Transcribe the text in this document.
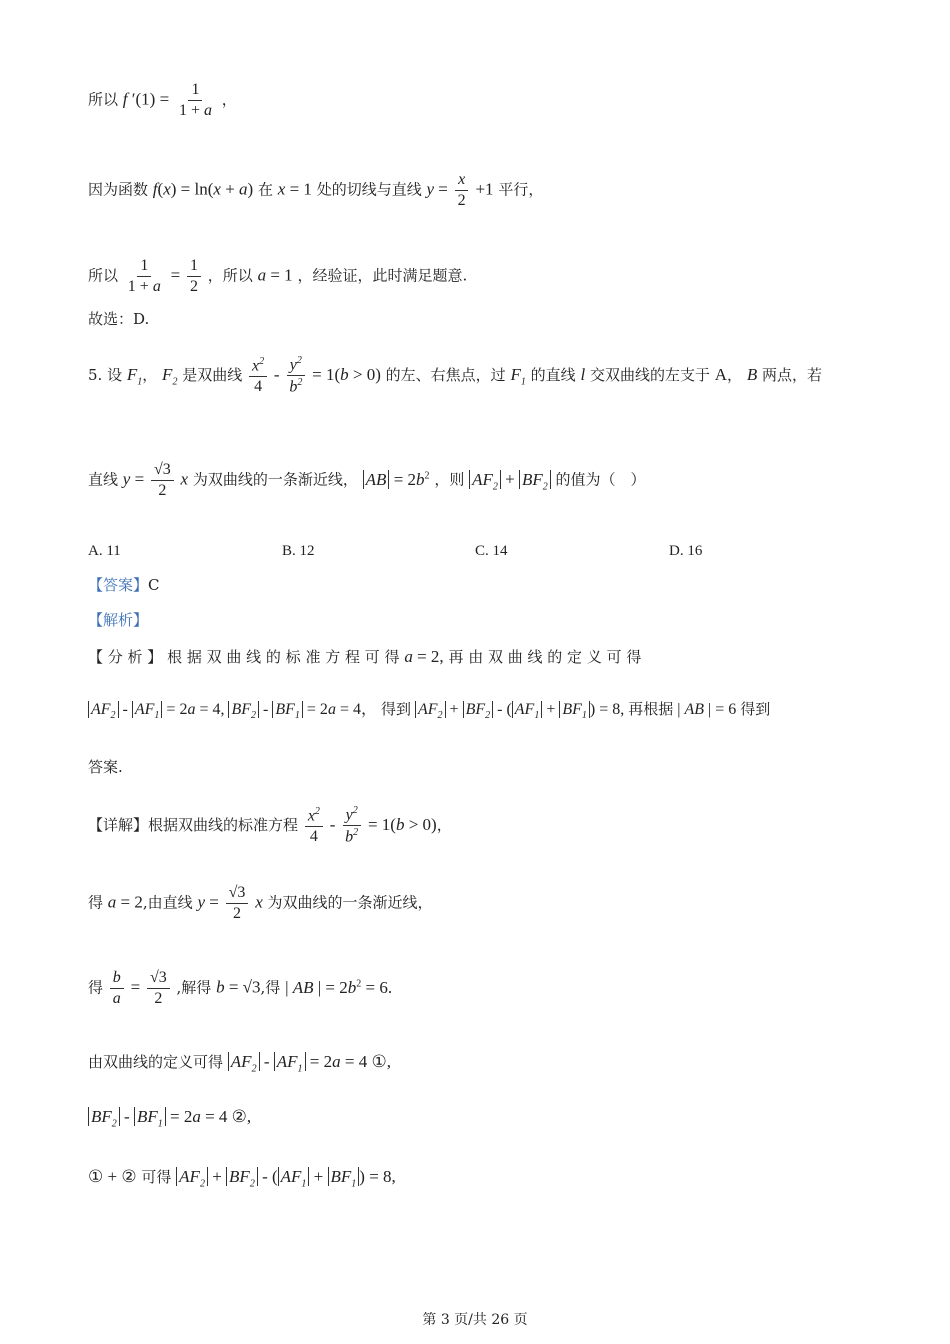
所以 f $'(1) = \frac{1}{1 + a}$ ，
因为函数 f(x) = ln(x + a) 在 x = 1 处的切线与直线 $y = \frac{x}{2} +1$ 平行，
所以 $\frac{1}{1 + a} = \frac{1}{2}$ ，所以 a = 1 ，经验证，此时满足题意.
故选：D.
5. 设 $F_1$， $F_2$ 是双曲线 $\frac{x^2}{4} - \frac{y^2}{b^2} = 1(b > 0)$ 的左、右焦点，过 $F_1$ 的直线 l 交双曲线的左支于 A， B 两点，若
直线 $y = \frac{√3}{2}$ x 为双曲线的一条渐近线， AB = $2b^2$ ，则 $AF_2 + BF_2$ 的值为（　）
A. 11	B. 12	C. 14	D. 16
【答案】C
【解析】
【 分 析 】 根 据 双 曲 线 的 标 准 方 程 可 得 a = 2, 再 由 双 曲 线 的 定 义 可 得
$AF_2 - AF_1 = 2a = 4$, $BF_2 - BF_1 = 2a = 4$， 得到 $AF_2 + BF_2$ - ( $AF_1 + BF_1$ ) = 8, 再根据 | AB | = 6 得到
答案.
【详解】根据双曲线的标准方程 $\frac{x^2}{4} - \frac{y^2}{b^2} = 1(b > 0)$，
得 a = 2,由直线 $y = \frac{√3}{2}$ x 为双曲线的一条渐近线，
得 $\frac{b}{a} = \frac{√3}{2}$ ,解得 b = √3,得 | AB | = $2b^2 = 6$.
由双曲线的定义可得 $AF_2 - AF_1 = 2a = 4$ ①,
$BF_2 - BF_1 = 2a = 4$ ②,
① + ② 可得 $AF_2 + BF_2$ - ( $AF_1 + BF_1$ ) = 8,
第 3 页/共 26 页
